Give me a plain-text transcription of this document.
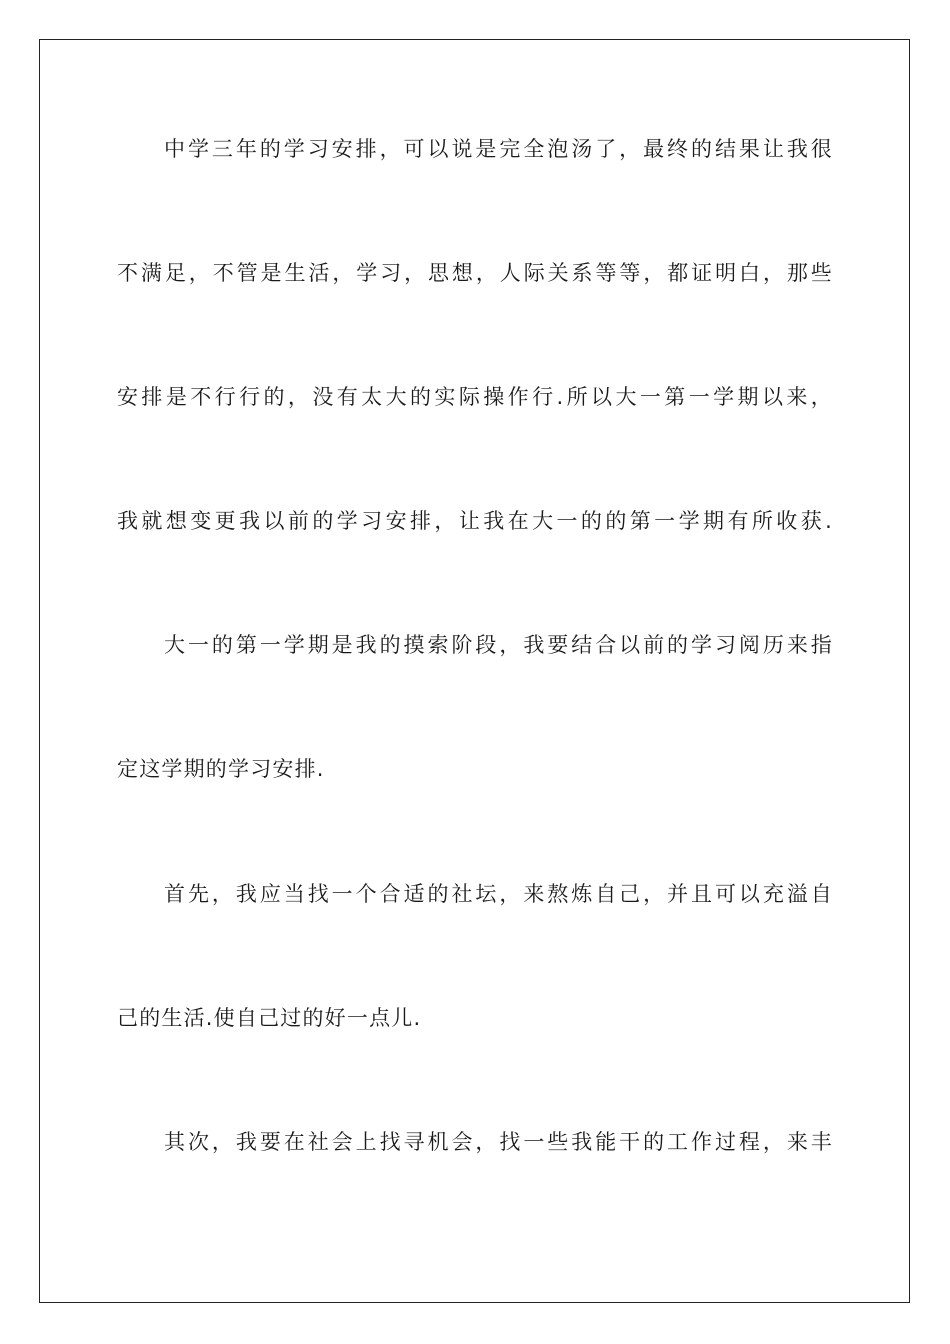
中学三年的学习安排，可以说是完全泡汤了，最终的结果让我很
不满足，不管是生活，学习，思想，人际关系等等，都证明白，那些
安排是不行行的，没有太大的实际操作行.所以大一第一学期以来，
我就想变更我以前的学习安排，让我在大一的的第一学期有所收获.
大一的第一学期是我的摸索阶段，我要结合以前的学习阅历来指
定这学期的学习安排.
首先，我应当找一个合适的社坛，来熬炼自己，并且可以充溢自
己的生活.使自己过的好一点儿.
其次，我要在社会上找寻机会，找一些我能干的工作过程，来丰
